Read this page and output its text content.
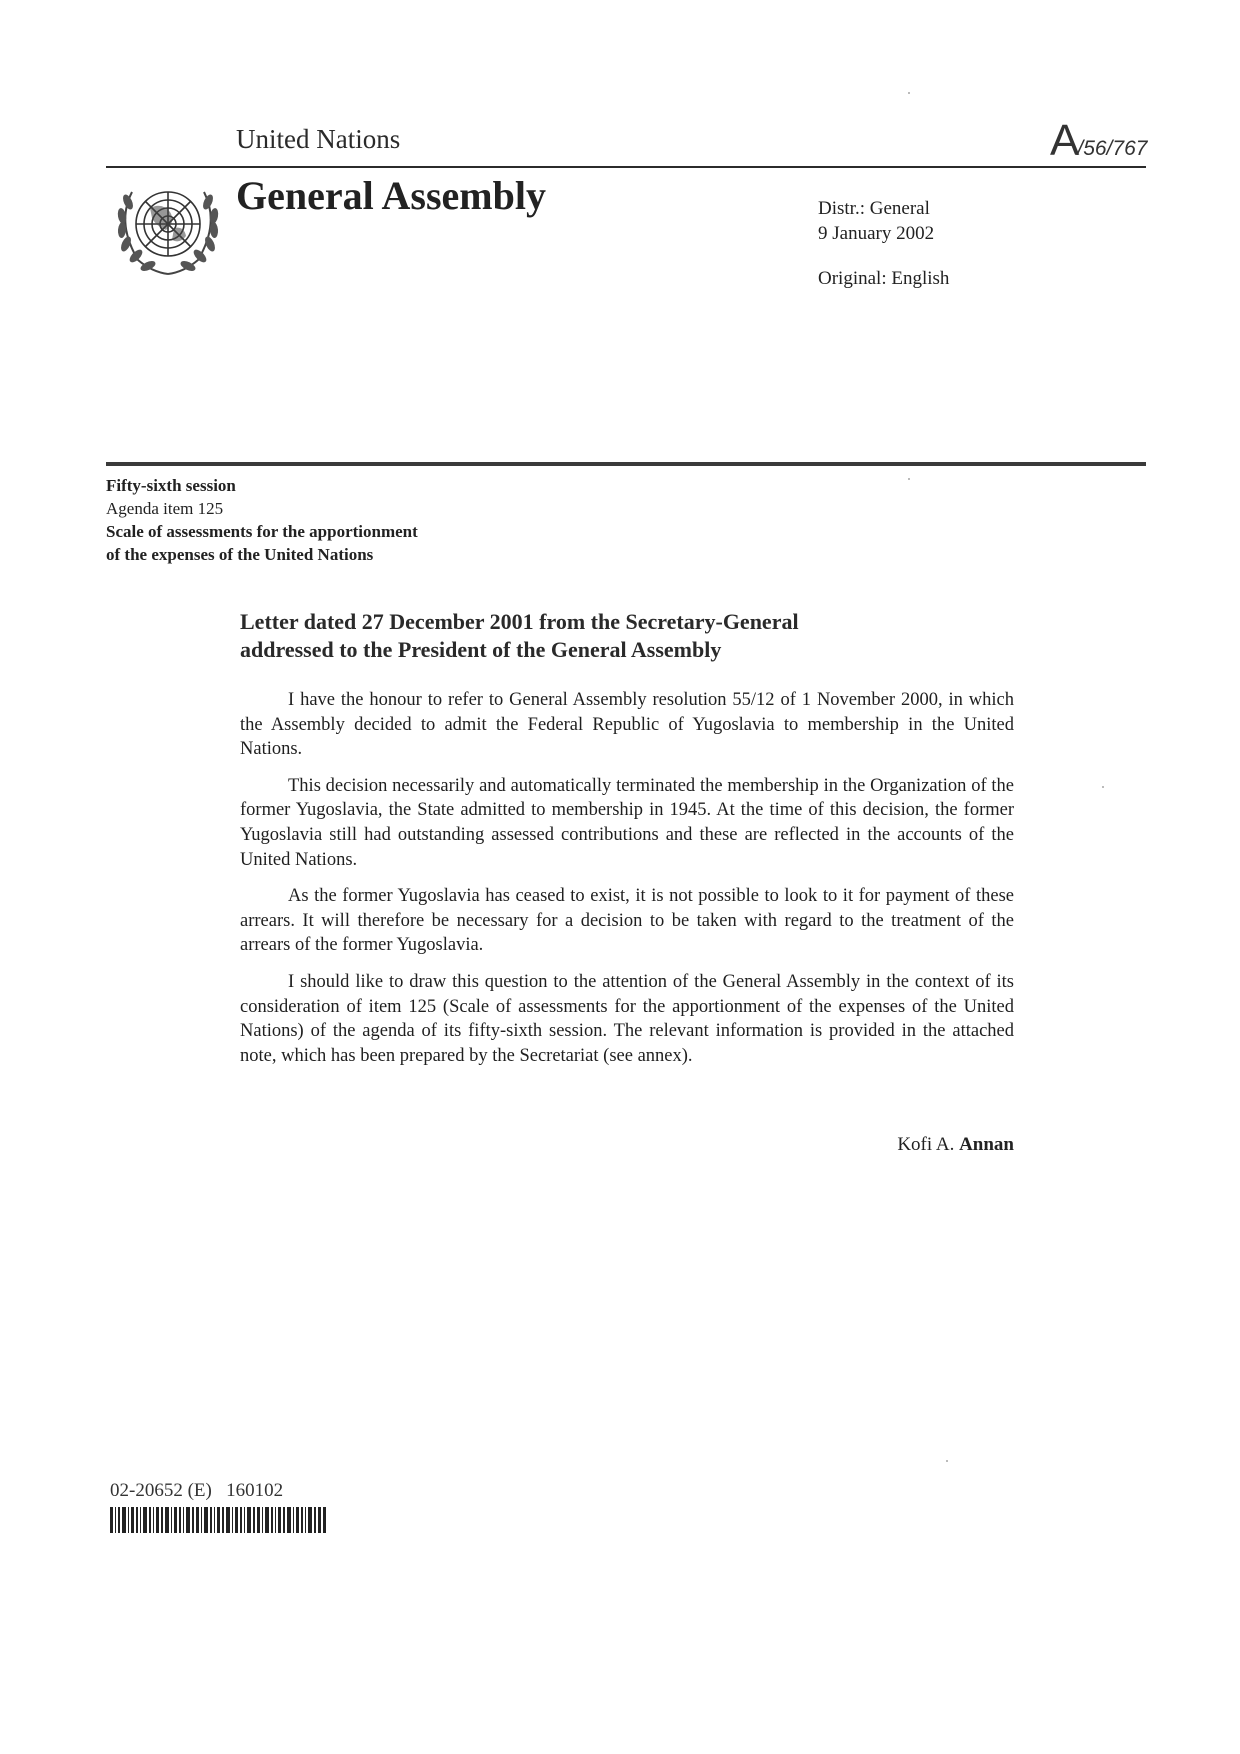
United Nations	A/56/767
General Assembly	Distr.: General
9 January 2002
Original: English
Fifty-sixth session
Agenda item 125
Scale of assessments for the apportionment
of the expenses of the United Nations
Letter dated 27 December 2001 from the Secretary-General
addressed to the President of the General Assembly

I have the honour to refer to General Assembly resolution 55/12 of 1 November 2000, in which the Assembly decided to admit the Federal Republic of Yugoslavia to membership in the United Nations.

This decision necessarily and automatically terminated the membership in the Organization of the former Yugoslavia, the State admitted to membership in 1945. At the time of this decision, the former Yugoslavia still had outstanding assessed contributions and these are reflected in the accounts of the United Nations.

As the former Yugoslavia has ceased to exist, it is not possible to look to it for payment of these arrears. It will therefore be necessary for a decision to be taken with regard to the treatment of the arrears of the former Yugoslavia.

I should like to draw this question to the attention of the General Assembly in the context of its consideration of item 125 (Scale of assessments for the apportionment of the expenses of the United Nations) of the agenda of its fifty-sixth session. The relevant information is provided in the attached note, which has been prepared by the Secretariat (see annex).

Kofi A. Annan
02-20652 (E)   160102
